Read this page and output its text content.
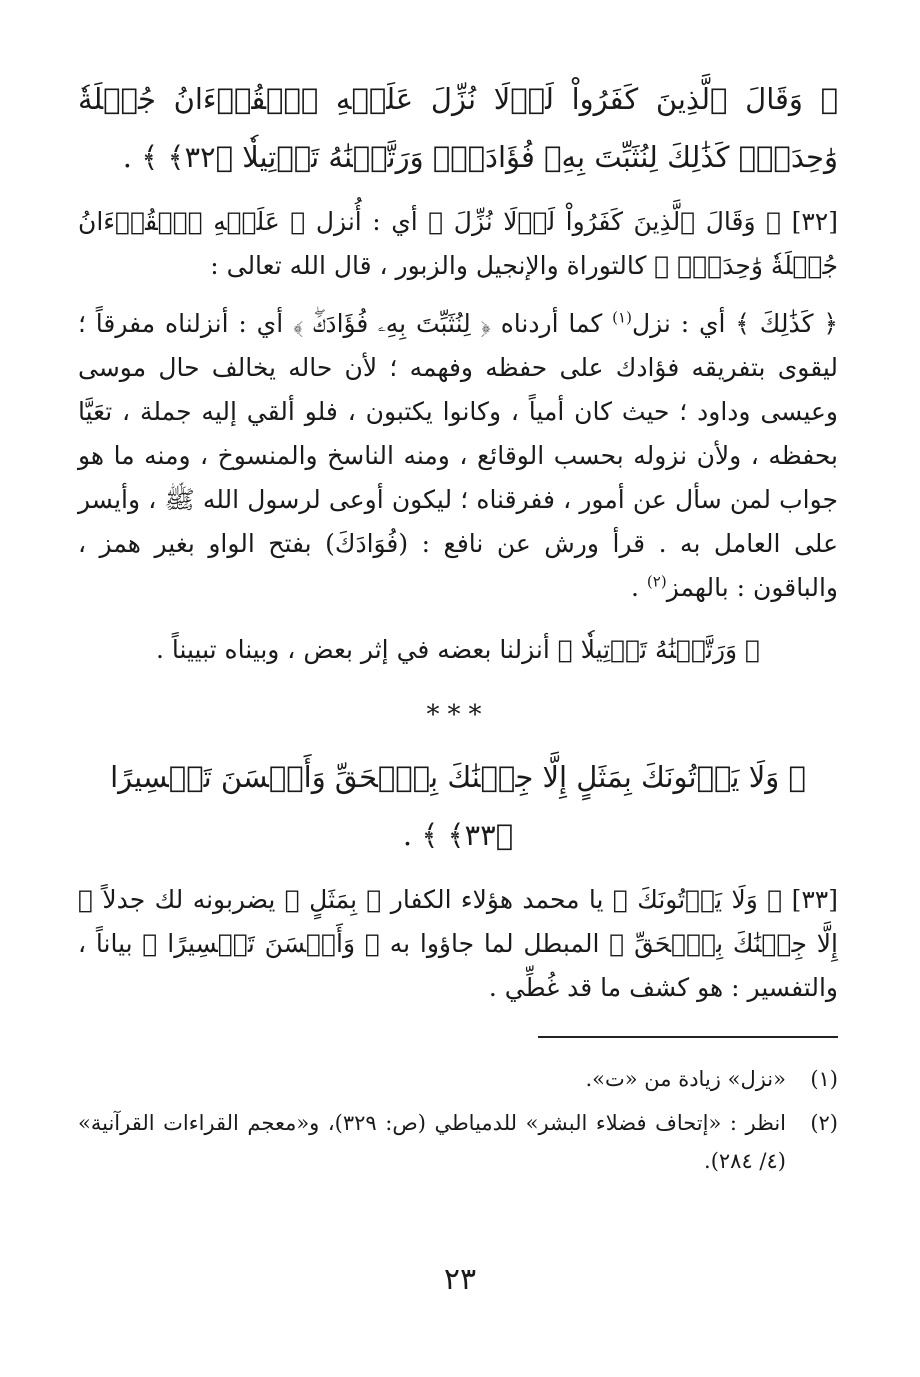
﴿ وَقَالَ ٱلَّذِينَ كَفَرُواْ لَوۡلَا نُزِّلَ عَلَيۡهِ ٱلۡقُرۡءَانُ جُمۡلَةٗ وَٰحِدَةٗۚ كَذَٰلِكَ لِنُثَبِّتَ بِهِۦ فُؤَادَكَۖ وَرَتَّلۡنَٰهُ تَرۡتِيلٗا ﴿٣٢﴾ ﴾ .

[٣٢] ﴿ وَقَالَ ٱلَّذِينَ كَفَرُواْ لَوۡلَا نُزِّلَ ﴾ أي : أُنزل ﴿ عَلَيۡهِ ٱلۡقُرۡءَانُ جُمۡلَةٗ وَٰحِدَةٗۚ ﴾ كالتوراة والإنجيل والزبور ، قال الله تعالى :

﴿ كَذَٰلِكَ ﴾ أي : نزل$^{(١)}$ كما أردناه ﴿ لِنُثَبِّتَ بِهِۦ فُؤَادَكَۖ ﴾ أي : أنزلناه مفرقاً ؛ ليقوى بتفريقه فؤادك على حفظه وفهمه ؛ لأن حاله يخالف حال موسى وعيسى وداود ؛ حيث كان أمياً ، وكانوا يكتبون ، فلو ألقي إليه جملة ، تعَيَّا بحفظه ، ولأن نزوله بحسب الوقائع ، ومنه الناسخ والمنسوخ ، ومنه ما هو جواب لمن سأل عن أمور ، ففرقناه ؛ ليكون أوعى لرسول الله ﷺ ، وأيسر على العامل به . قرأ ورش عن نافع : (فُوَادَكَ) بفتح الواو بغير همز ، والباقون : بالهمز$^{(٢)}$ .

﴿ وَرَتَّلۡنَٰهُ تَرۡتِيلٗا ﴾ أنزلنا بعضه في إثر بعض ، وبيناه تبييناً .

***

﴿ وَلَا يَأۡتُونَكَ بِمَثَلٍ إِلَّا جِئۡنَٰكَ بِٱلۡحَقِّ وَأَحۡسَنَ تَفۡسِيرًا ﴿٣٣﴾ ﴾ .

[٣٣] ﴿ وَلَا يَأۡتُونَكَ ﴾ يا محمد هؤلاء الكفار ﴿ بِمَثَلٍ ﴾ يضربونه لك جدلاً ﴿ إِلَّا جِئۡنَٰكَ بِٱلۡحَقِّ ﴾ المبطل لما جاؤوا به ﴿ وَأَحۡسَنَ تَفۡسِيرًا ﴾ بياناً ، والتفسير : هو كشف ما قد غُطِّي .

(١)
«نزل» زيادة من «ت».
(٢)
انظر : «إتحاف فضلاء البشر» للدمياطي (ص: ٣٢٩)، و«معجم القراءات القرآنية» (٤/ ٢٨٤).
٢٣
